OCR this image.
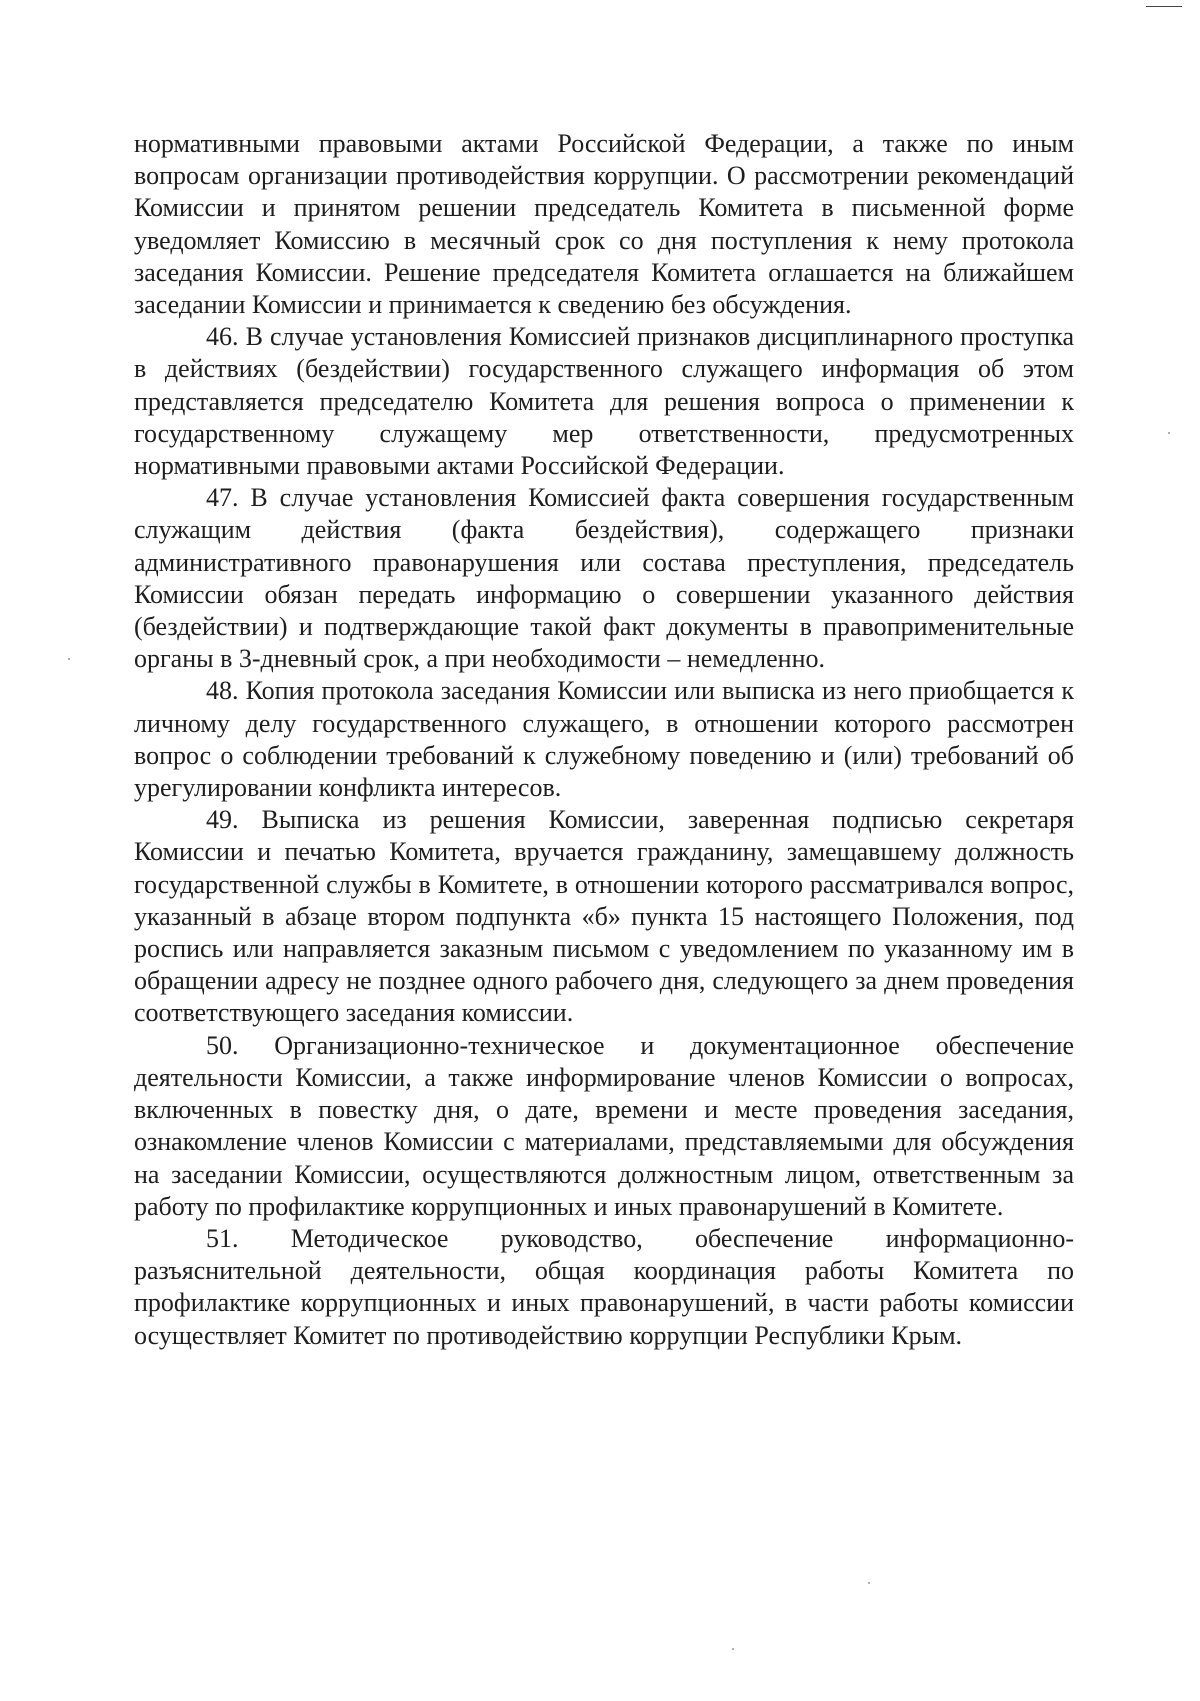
нормативными правовыми актами Российской Федерации, а также по иным вопросам организации противодействия коррупции. О рассмотрении рекомендаций Комиссии и принятом решении председатель Комитета в письменной форме уведомляет Комиссию в месячный срок со дня поступления к нему протокола заседания Комиссии. Решение председателя Комитета оглашается на ближайшем заседании Комиссии и принимается к сведению без обсуждения.

46. В случае установления Комиссией признаков дисциплинарного проступка в действиях (бездействии) государственного служащего информация об этом представляется председателю Комитета для решения вопроса о применении к государственному служащему мер ответственности, предусмотренных нормативными правовыми актами Российской Федерации.

47. В случае установления Комиссией факта совершения государственным служащим действия (факта бездействия), содержащего признаки административного правонарушения или состава преступления, председатель Комиссии обязан передать информацию о совершении указанного действия (бездействии) и подтверждающие такой факт документы в правоприменительные органы в 3-дневный срок, а при необходимости – немедленно.

48. Копия протокола заседания Комиссии или выписка из него приобщается к личному делу государственного служащего, в отношении которого рассмотрен вопрос о соблюдении требований к служебному поведению и (или) требований об урегулировании конфликта интересов.

49. Выписка из решения Комиссии, заверенная подписью секретаря Комиссии и печатью Комитета, вручается гражданину, замещавшему должность государственной службы в Комитете, в отношении которого рассматривался вопрос, указанный в абзаце втором подпункта «б» пункта 15 настоящего Положения, под роспись или направляется заказным письмом с уведомлением по указанному им в обращении адресу не позднее одного рабочего дня, следующего за днем проведения соответствующего заседания комиссии.

50. Организационно-техническое и документационное обеспечение деятельности Комиссии, а также информирование членов Комиссии о вопросах, включенных в повестку дня, о дате, времени и месте проведения заседания, ознакомление членов Комиссии с материалами, представляемыми для обсуждения на заседании Комиссии, осуществляются должностным лицом, ответственным за работу по профилактике коррупционных и иных правонарушений в Комитете.

51. Методическое руководство, обеспечение информационно-разъяснительной деятельности, общая координация работы Комитета по профилактике коррупционных и иных правонарушений, в части работы комиссии осуществляет Комитет по противодействию коррупции Республики Крым.
